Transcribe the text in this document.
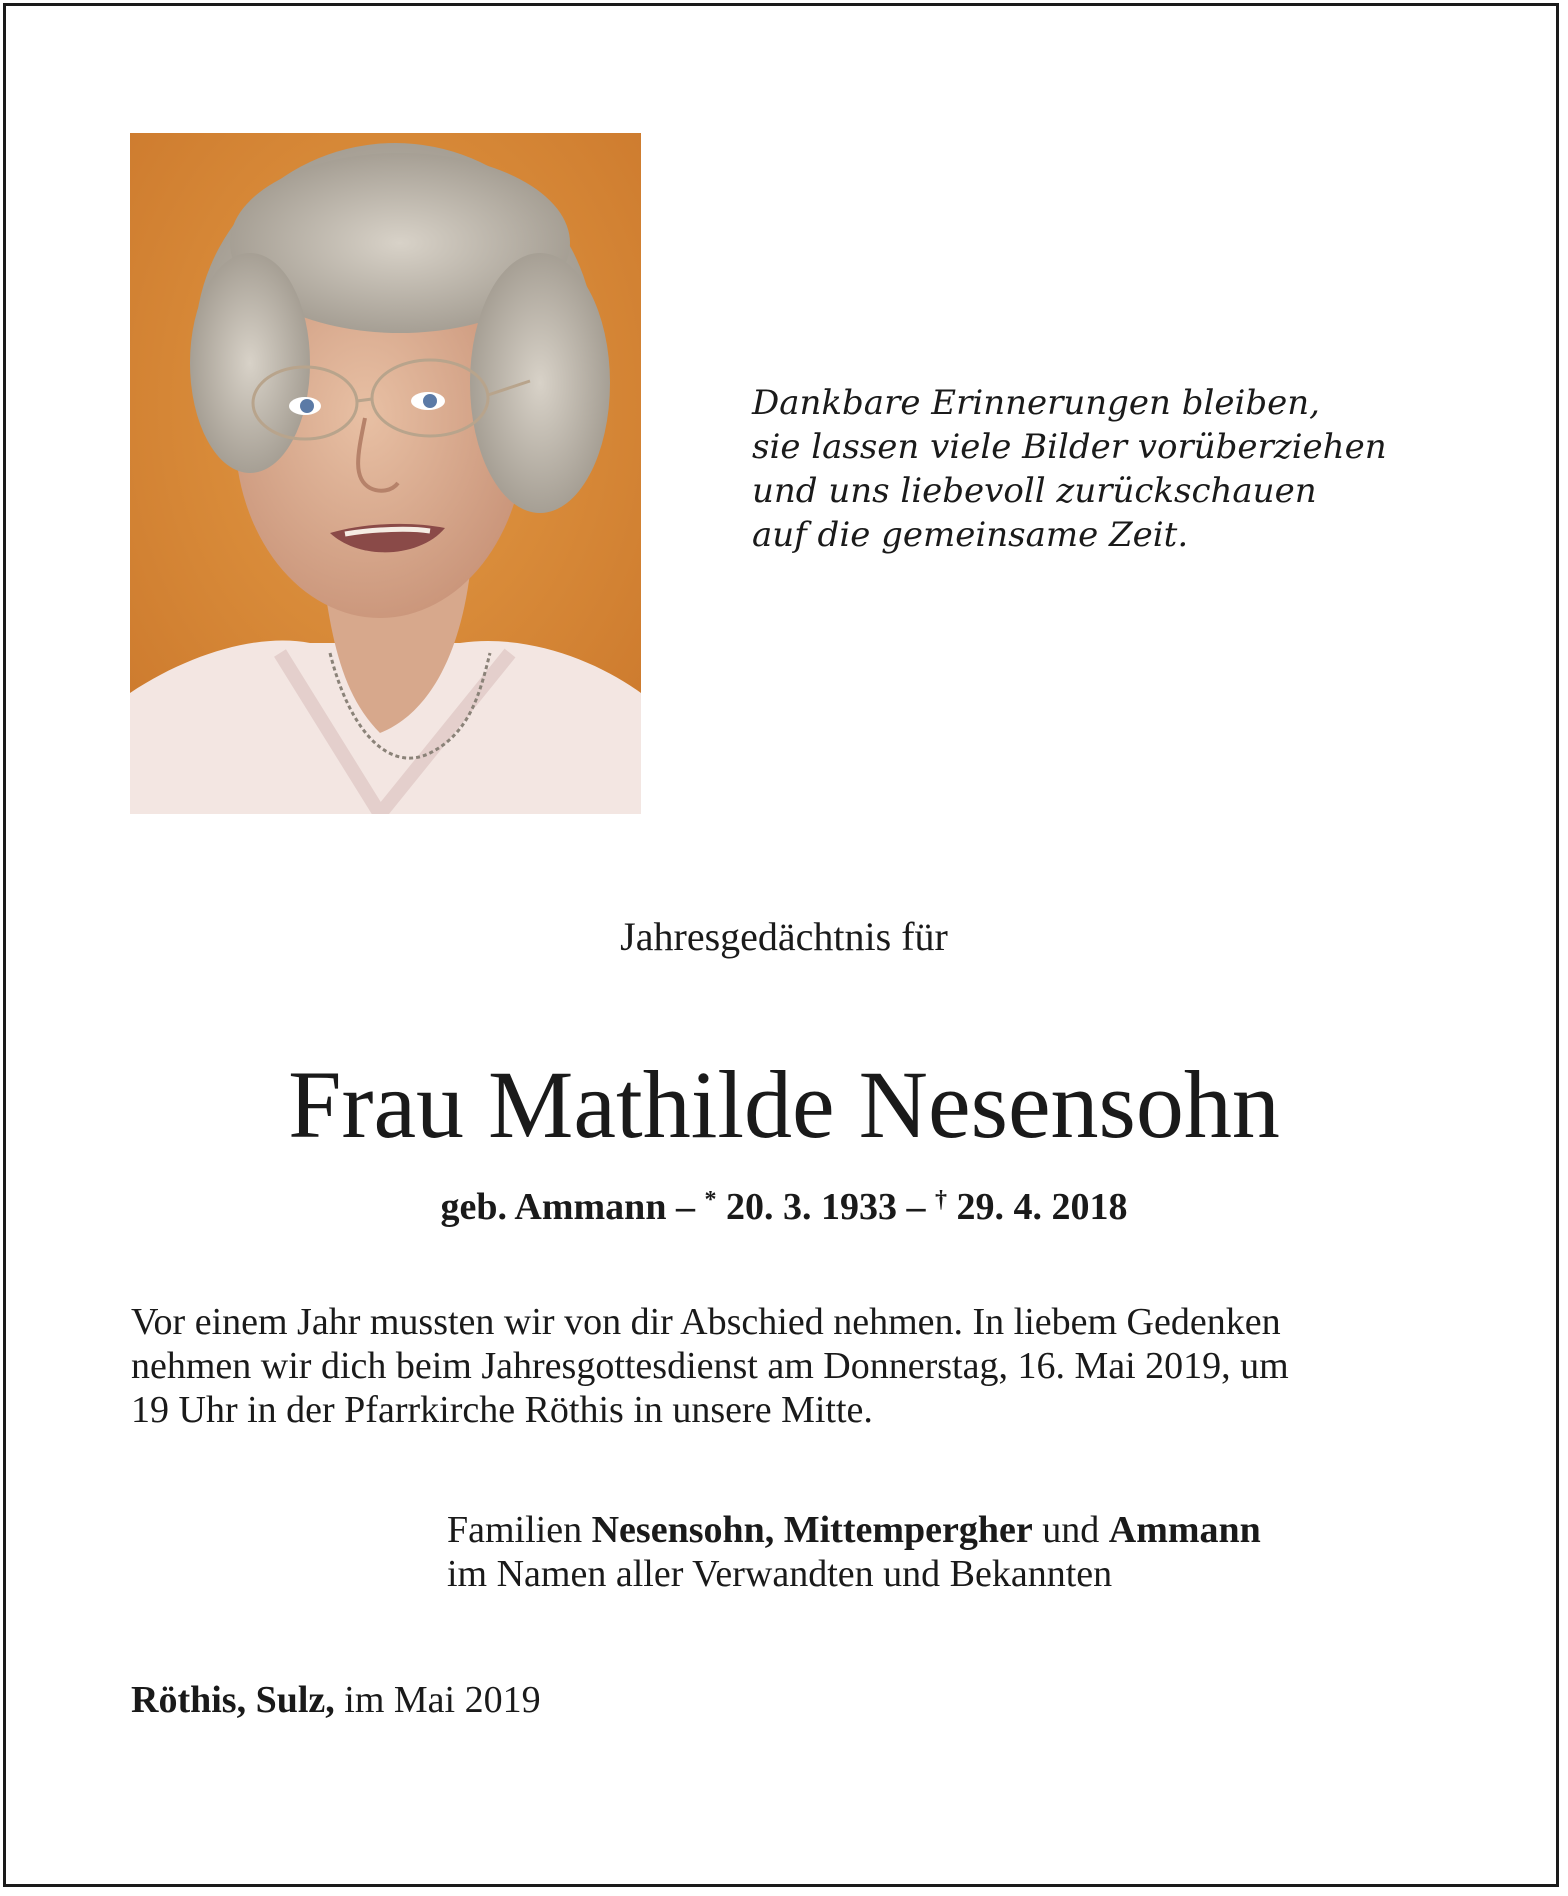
Dankbare Erinnerungen bleiben,
sie lassen viele Bilder vorüberziehen
und uns liebevoll zurückschauen
auf die gemeinsame Zeit.

Jahresgedächtnis für

Frau Mathilde Nesensohn

geb. Ammann – * 20. 3. 1933 – † 29. 4. 2018

Vor einem Jahr mussten wir von dir Abschied nehmen. In liebem Gedenken
nehmen wir dich beim Jahresgottesdienst am Donnerstag, 16. Mai 2019, um
19 Uhr in der Pfarrkirche Röthis in unsere Mitte.
Familien Nesensohn, Mittempergher und Ammann
im Namen aller Verwandten und Bekannten

Röthis, Sulz, im Mai 2019
